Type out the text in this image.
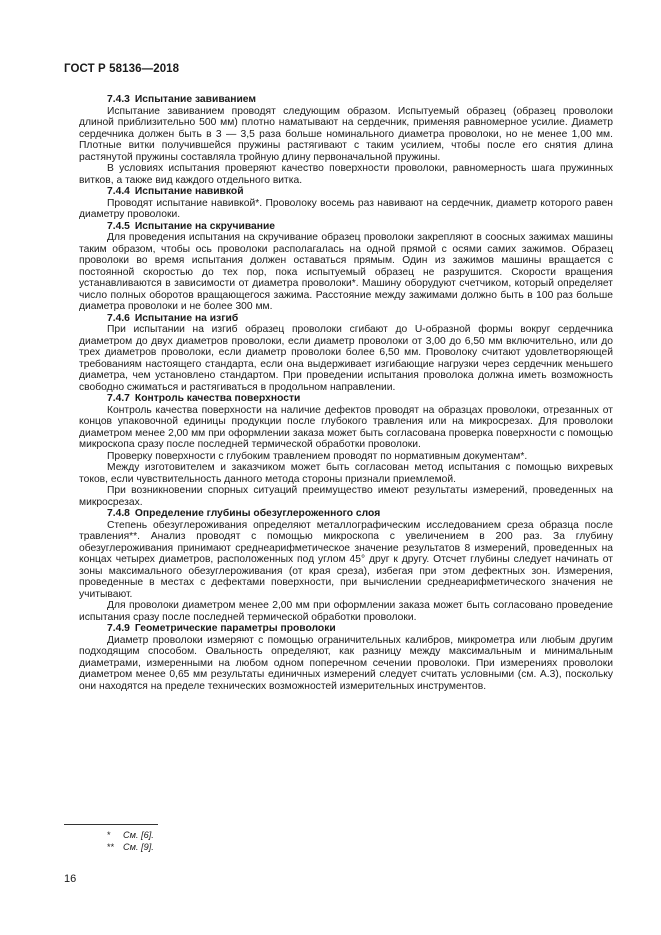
ГОСТ Р 58136—2018
7.4.3 Испытание завиванием

Испытание завиванием проводят следующим образом. Испытуемый образец (образец проволоки длиной приблизительно 500 мм) плотно наматывают на сердечник, применяя равномерное усилие. Диаметр сердечника должен быть в 3 — 3,5 раза больше номинального диаметра проволоки, но не менее 1,00 мм. Плотные витки получившейся пружины растягивают с таким усилием, чтобы после его снятия длина растянутой пружины составляла тройную длину первоначальной пружины.

В условиях испытания проверяют качество поверхности проволоки, равномерность шага пружинных витков, а также вид каждого отдельного витка.

7.4.4 Испытание навивкой

Проводят испытание навивкой*. Проволоку восемь раз навивают на сердечник, диаметр которого равен диаметру проволоки.

7.4.5 Испытание на скручивание

Для проведения испытания на скручивание образец проволоки закрепляют в соосных зажимах машины таким образом, чтобы ось проволоки располагалась на одной прямой с осями самих зажимов. Образец проволоки во время испытания должен оставаться прямым. Один из зажимов машины вращается с постоянной скоростью до тех пор, пока испытуемый образец не разрушится. Скорости вращения устанавливаются в зависимости от диаметра проволоки*. Машину оборудуют счетчиком, который определяет число полных оборотов вращающегося зажима. Расстояние между зажимами должно быть в 100 раз больше диаметра проволоки и не более 300 мм.

7.4.6 Испытание на изгиб

При испытании на изгиб образец проволоки сгибают до U-образной формы вокруг сердечника диаметром до двух диаметров проволоки, если диаметр проволоки от 3,00 до 6,50 мм включительно, или до трех диаметров проволоки, если диаметр проволоки более 6,50 мм. Проволоку считают удовлетворяющей требованиям настоящего стандарта, если она выдерживает изгибающие нагрузки через сердечник меньшего диаметра, чем установлено стандартом. При проведении испытания проволока должна иметь возможность свободно сжиматься и растягиваться в продольном направлении.

7.4.7 Контроль качества поверхности

Контроль качества поверхности на наличие дефектов проводят на образцах проволоки, отрезанных от концов упаковочной единицы продукции после глубокого травления или на микросрезах. Для проволоки диаметром менее 2,00 мм при оформлении заказа может быть согласована проверка поверхности с помощью микроскопа сразу после последней термической обработки проволоки.

Проверку поверхности с глубоким травлением проводят по нормативным документам*.

Между изготовителем и заказчиком может быть согласован метод испытания с помощью вихревых токов, если чувствительность данного метода стороны признали приемлемой.

При возникновении спорных ситуаций преимущество имеют результаты измерений, проведенных на микросрезах.

7.4.8 Определение глубины обезуглероженного слоя

Степень обезуглероживания определяют металлографическим исследованием среза образца после травления**. Анализ проводят с помощью микроскопа с увеличением в 200 раз. За глубину обезуглероживания принимают среднеарифметическое значение результатов 8 измерений, проведенных на концах четырех диаметров, расположенных под углом 45° друг к другу. Отсчет глубины следует начинать от зоны максимального обезуглероживания (от края среза), избегая при этом дефектных зон. Измерения, проведенные в местах с дефектами поверхности, при вычислении среднеарифметического значения не учитывают.

Для проволоки диаметром менее 2,00 мм при оформлении заказа может быть согласовано проведение испытания сразу после последней термической обработки проволоки.

7.4.9 Геометрические параметры проволоки

Диаметр проволоки измеряют с помощью ограничительных калибров, микрометра или любым другим подходящим способом. Овальность определяют, как разницу между максимальным и минимальным диаметрами, измеренными на любом одном поперечном сечении проволоки. При измерениях проволоки диаметром менее 0,65 мм результаты единичных измерений следует считать условными (см. А.3), поскольку они находятся на пределе технических возможностей измерительных инструментов.

* См. [6].
** См. [9].
16
